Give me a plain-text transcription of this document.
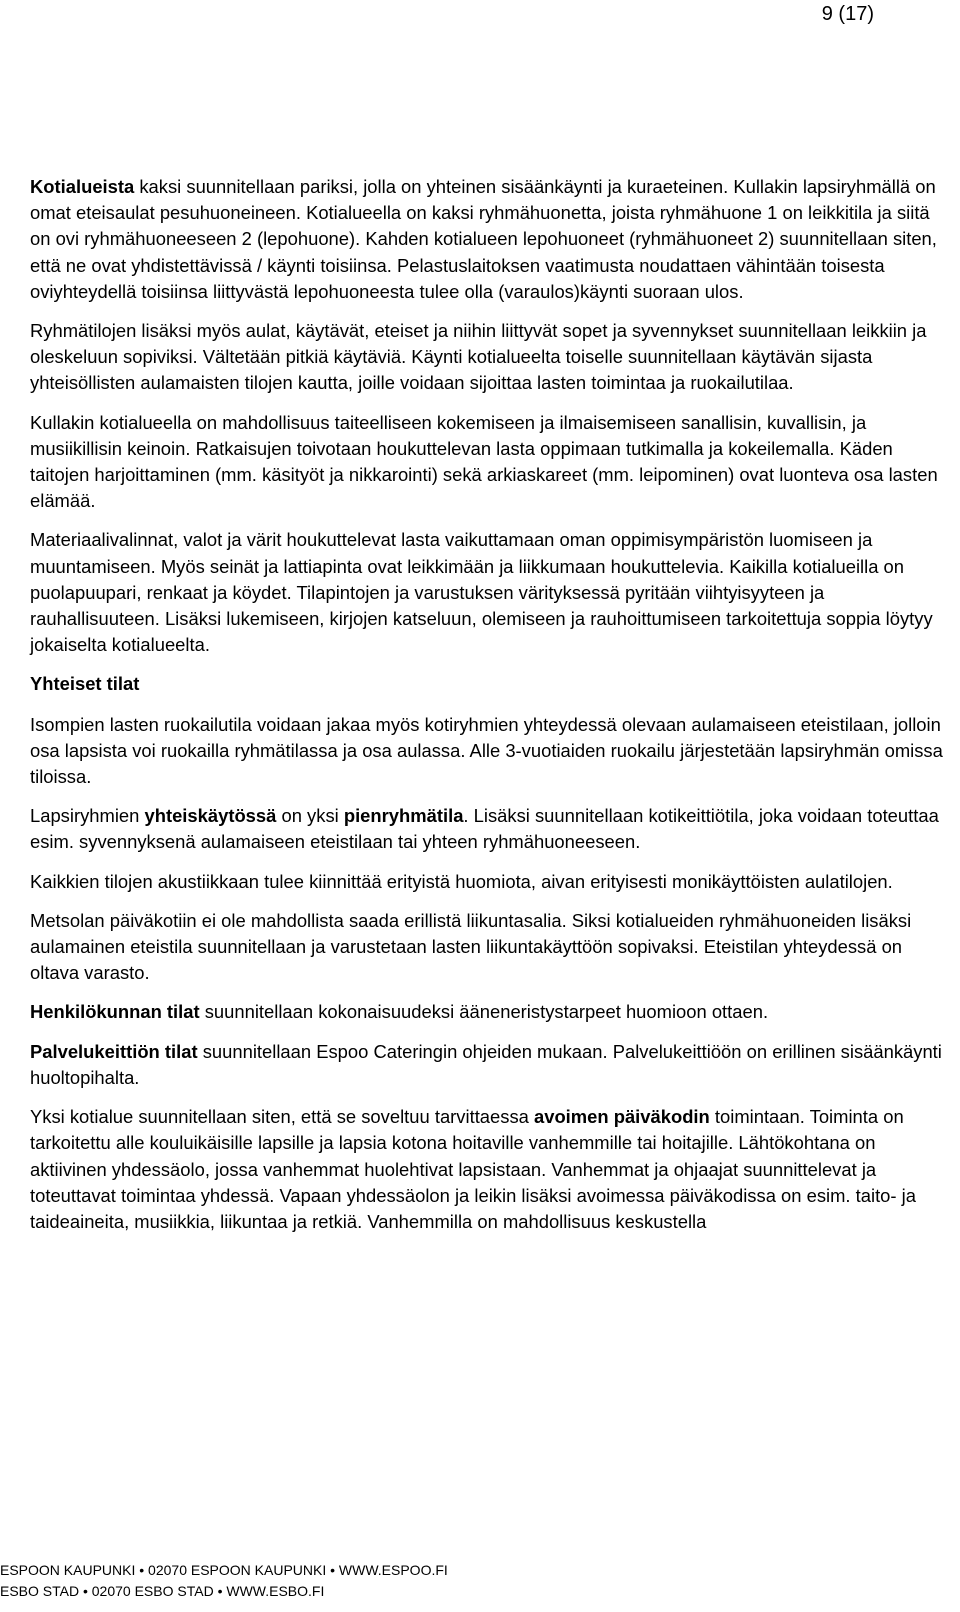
9 (17)

Kotialueista kaksi suunnitellaan pariksi, jolla on yhteinen sisäänkäynti ja kuraeteinen. Kullakin lapsiryhmällä on omat eteisaulat pesuhuoneineen. Kotialueella on kaksi ryhmähuonetta, joista ryhmähuone 1 on leikkitila ja siitä on ovi ryhmähuoneeseen 2 (lepohuone). Kahden kotialueen lepohuoneet (ryhmähuoneet 2) suunnitellaan siten, että ne ovat yhdistettävissä / käynti toisiinsa. Pelastuslaitoksen vaatimusta noudattaen vähintään toisesta oviyhteydellä toisiinsa liittyvästä lepohuoneesta tulee olla (varaulos)käynti suoraan ulos.

Ryhmätilojen lisäksi myös aulat, käytävät, eteiset ja niihin liittyvät sopet ja syvennykset suunnitellaan leikkiin ja oleskeluun sopiviksi. Vältetään pitkiä käytäviä. Käynti kotialueelta toiselle suunnitellaan käytävän sijasta yhteisöllisten aulamaisten tilojen kautta, joille voidaan sijoittaa lasten toimintaa ja ruokailutilaa.

Kullakin kotialueella on mahdollisuus taiteelliseen kokemiseen ja ilmaisemiseen sanallisin, kuvallisin, ja musiikillisin keinoin. Ratkaisujen toivotaan houkuttelevan lasta oppimaan tutkimalla ja kokeilemalla. Käden taitojen harjoittaminen (mm. käsityöt ja nikkarointi) sekä arkiaskareet (mm. leipominen) ovat luonteva osa lasten elämää.

Materiaalivalinnat, valot ja värit houkuttelevat lasta vaikuttamaan oman oppimisympäristön luomiseen ja muuntamiseen. Myös seinät ja lattiapinta ovat leikkimään ja liikkumaan houkuttelevia. Kaikilla kotialueilla on puolapuupari, renkaat ja köydet. Tilapintojen ja varustuksen värityksessä pyritään viihtyisyyteen ja rauhallisuuteen. Lisäksi lukemiseen, kirjojen katseluun, olemiseen ja rauhoittumiseen tarkoitettuja soppia löytyy jokaiselta kotialueelta.

Yhteiset tilat

Isompien lasten ruokailutila voidaan jakaa myös kotiryhmien yhteydessä olevaan aulamaiseen eteistilaan, jolloin osa lapsista voi ruokailla ryhmätilassa ja osa aulassa. Alle 3-vuotiaiden ruokailu järjestetään lapsiryhmän omissa tiloissa.

Lapsiryhmien yhteiskäytössä on yksi pienryhmätila. Lisäksi suunnitellaan kotikeittiötila, joka voidaan toteuttaa esim. syvennyksenä aulamaiseen eteistilaan tai yhteen ryhmähuoneeseen.

Kaikkien tilojen akustiikkaan tulee kiinnittää erityistä huomiota, aivan erityisesti monikäyttöisten aulatilojen.

Metsolan päiväkotiin ei ole mahdollista saada erillistä liikuntasalia. Siksi kotialueiden ryhmähuoneiden lisäksi aulamainen eteistila suunnitellaan ja varustetaan lasten liikuntakäyttöön sopivaksi. Eteistilan yhteydessä on oltava varasto.

Henkilökunnan tilat suunnitellaan kokonaisuudeksi ääneneristystarpeet huomioon ottaen.

Palvelukeittiön tilat suunnitellaan Espoo Cateringin ohjeiden mukaan. Palvelukeittiöön on erillinen sisäänkäynti huoltopihalta.

Yksi kotialue suunnitellaan siten, että se soveltuu tarvittaessa avoimen päiväkodin toimintaan. Toiminta on tarkoitettu alle kouluikäisille lapsille ja lapsia kotona hoitaville vanhemmille tai hoitajille. Lähtökohtana on aktiivinen yhdessäolo, jossa vanhemmat huolehtivat lapsistaan. Vanhemmat ja ohjaajat suunnittelevat ja toteuttavat toimintaa yhdessä. Vapaan yhdessäolon ja leikin lisäksi avoimessa päiväkodissa on esim. taito- ja taideaineita, musiikkia, liikuntaa ja retkiä. Vanhemmilla on mahdollisuus keskustella

ESPOON KAUPUNKI • 02070 ESPOON KAUPUNKI • WWW.ESPOO.FI
ESBO STAD • 02070 ESBO STAD • WWW.ESBO.FI
